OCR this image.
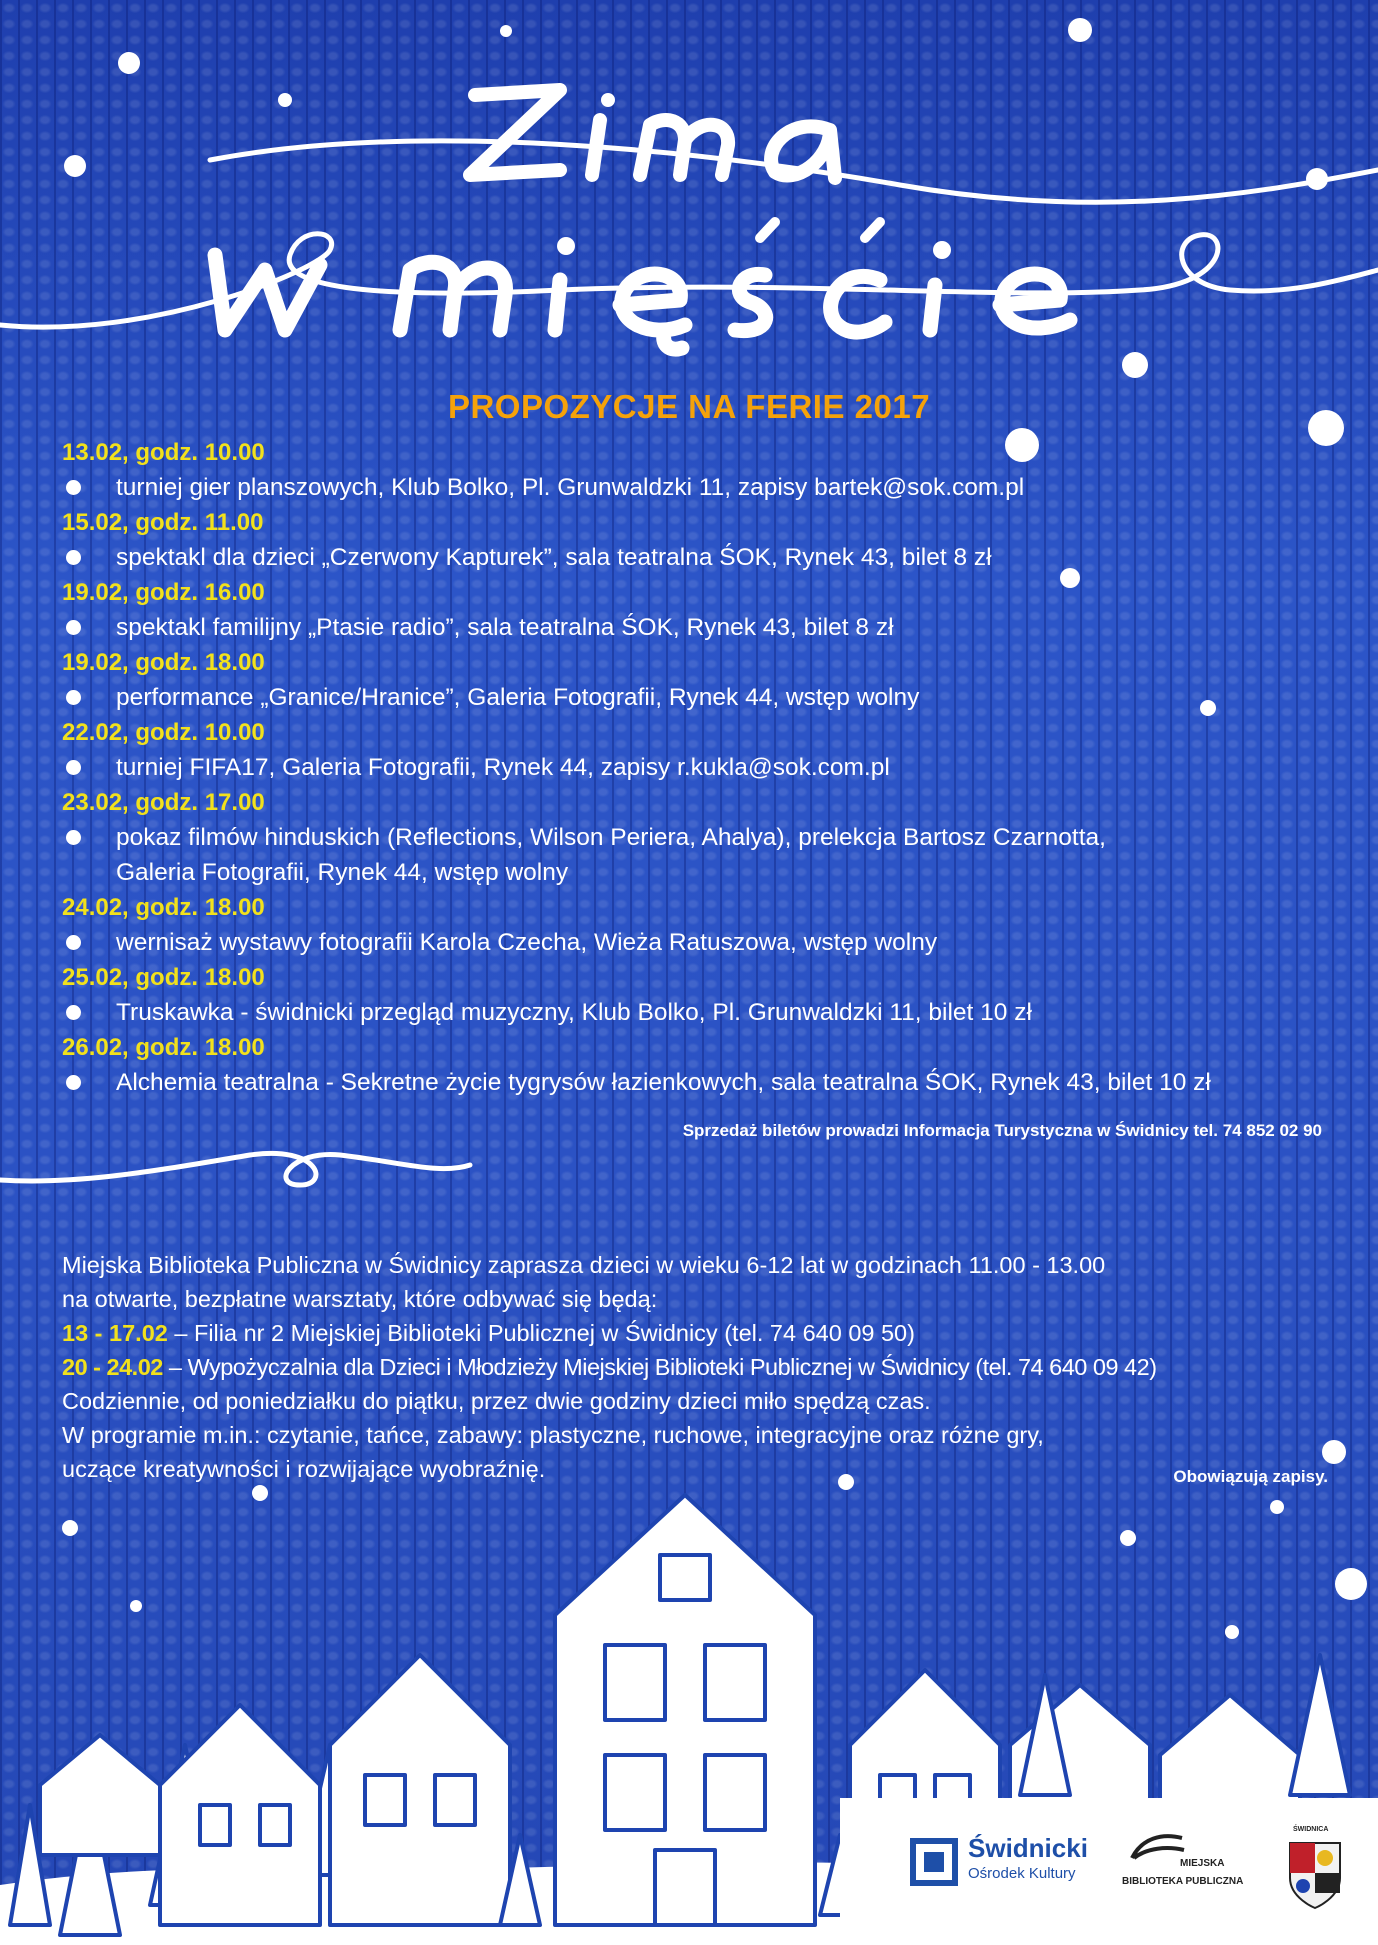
PROPOZYCJE NA FERIE 2017
13.02, godz. 10.00
turniej gier planszowych, Klub Bolko, Pl. Grunwaldzki 11, zapisy bartek@sok.com.pl
15.02, godz. 11.00
spektakl dla dzieci „Czerwony Kapturek”, sala teatralna ŚOK, Rynek 43, bilet 8 zł
19.02, godz. 16.00
spektakl familijny „Ptasie radio”, sala teatralna ŚOK, Rynek 43, bilet 8 zł
19.02, godz. 18.00
performance „Granice/Hranice”, Galeria Fotografii, Rynek 44, wstęp wolny
22.02, godz. 10.00
turniej FIFA17, Galeria Fotografii, Rynek 44, zapisy r.kukla@sok.com.pl
23.02, godz. 17.00
pokaz filmów hinduskich (Reflections, Wilson Periera, Ahalya), prelekcja Bartosz Czarnotta,
Galeria Fotografii, Rynek 44, wstęp wolny
24.02, godz. 18.00
wernisaż wystawy fotografii Karola Czecha, Wieża Ratuszowa, wstęp wolny
25.02, godz. 18.00
Truskawka - świdnicki przegląd muzyczny, Klub Bolko, Pl. Grunwaldzki 11, bilet 10 zł
26.02, godz. 18.00
Alchemia teatralna - Sekretne życie tygrysów łazienkowych, sala teatralna ŚOK, Rynek 43, bilet 10 zł
Sprzedaż biletów prowadzi Informacja Turystyczna w Świdnicy tel. 74 852 02 90
Miejska Biblioteka Publiczna w Świdnicy zaprasza dzieci w wieku 6-12 lat w godzinach 11.00 - 13.00
na otwarte, bezpłatne warsztaty, które odbywać się będą:
13 - 17.02 – Filia nr 2 Miejskiej Biblioteki Publicznej w Świdnicy (tel. 74 640 09 50)
20 - 24.02 – Wypożyczalnia dla Dzieci i Młodzieży Miejskiej Biblioteki Publicznej w Świdnicy (tel. 74 640 09 42)
Codziennie, od poniedziałku do piątku, przez dwie godziny dzieci miło spędzą czas.
W programie m.in.: czytanie, tańce, zabawy: plastyczne, ruchowe, integracyjne oraz różne gry,
uczące kreatywności i rozwijające wyobraźnię.	Obowiązują zapisy.
Świdnicki
Ośrodek Kultury
MIEJSKA
BIBLIOTEKA PUBLICZNA
ŚWIDNICA
